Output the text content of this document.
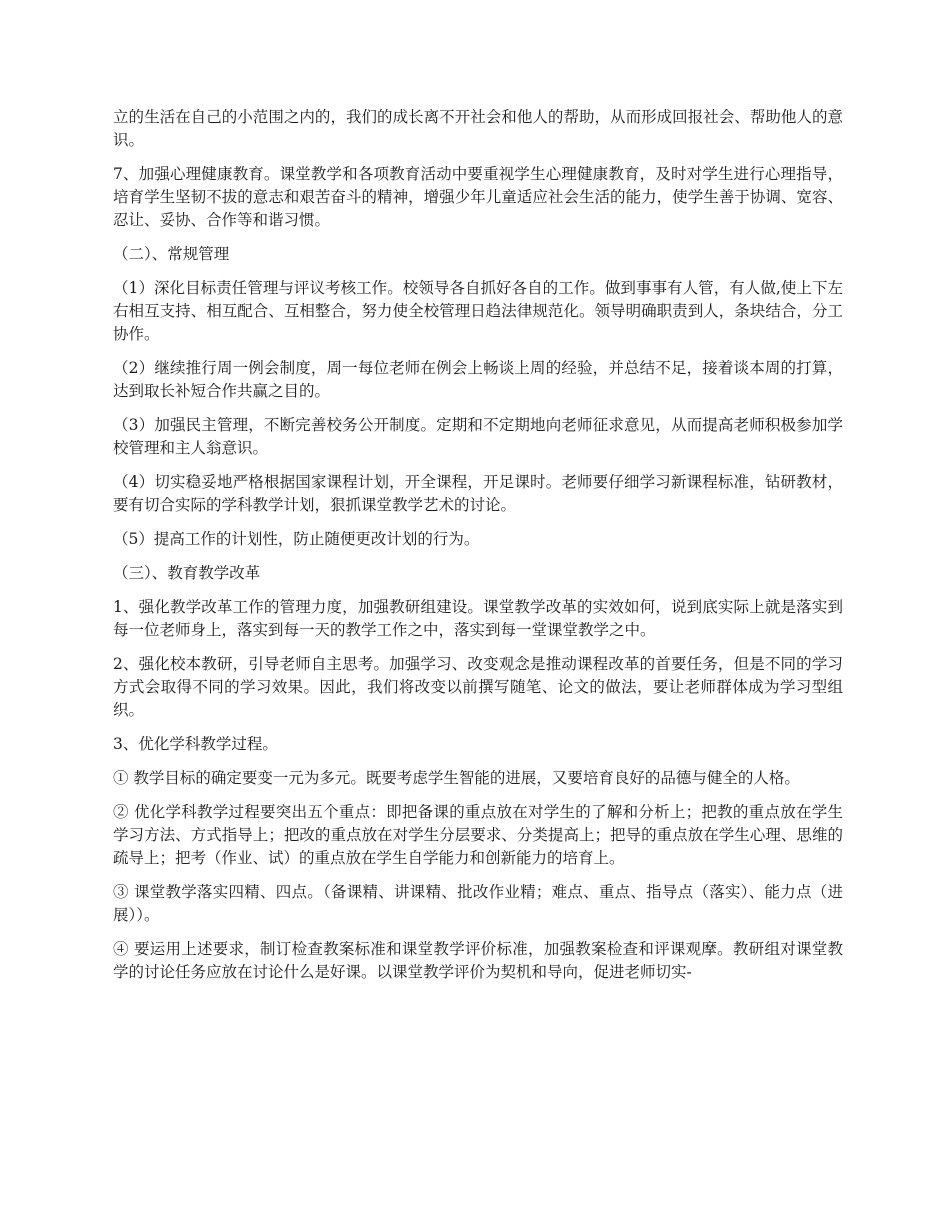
立的生活在自己的小范围之内的，我们的成长离不开社会和他人的帮助，从而形成回报社会、帮助他人的意识。

7、加强心理健康教育。课堂教学和各项教育活动中要重视学生心理健康教育，及时对学生进行心理指导，培育学生坚韧不拔的意志和艰苦奋斗的精神，增强少年儿童适应社会生活的能力，使学生善于协调、宽容、忍让、妥协、合作等和谐习惯。

（二）、常规管理

（1）深化目标责任管理与评议考核工作。校领导各自抓好各自的工作。做到事事有人管，有人做,使上下左右相互支持、相互配合、互相整合，努力使全校管理日趋法律规范化。领导明确职责到人，条块结合，分工协作。

（2）继续推行周一例会制度，周一每位老师在例会上畅谈上周的经验，并总结不足，接着谈本周的打算，达到取长补短合作共赢之目的。

（3）加强民主管理，不断完善校务公开制度。定期和不定期地向老师征求意见，从而提高老师积极参加学校管理和主人翁意识。

（4）切实稳妥地严格根据国家课程计划，开全课程，开足课时。老师要仔细学习新课程标准，钻研教材，要有切合实际的学科教学计划，狠抓课堂教学艺术的讨论。

（5）提高工作的计划性，防止随便更改计划的行为。

（三）、教育教学改革

1、强化教学改革工作的管理力度，加强教研组建设。课堂教学改革的实效如何，说到底实际上就是落实到每一位老师身上，落实到每一天的教学工作之中，落实到每一堂课堂教学之中。

2、强化校本教研，引导老师自主思考。加强学习、改变观念是推动课程改革的首要任务，但是不同的学习方式会取得不同的学习效果。因此，我们将改变以前撰写随笔、论文的做法，要让老师群体成为学习型组织。

3、优化学科教学过程。

① 教学目标的确定要变一元为多元。既要考虑学生智能的进展，又要培育良好的品德与健全的人格。

② 优化学科教学过程要突出五个重点：即把备课的重点放在对学生的了解和分析上；把教的重点放在学生学习方法、方式指导上；把改的重点放在对学生分层要求、分类提高上；把导的重点放在学生心理、思维的疏导上；把考（作业、试）的重点放在学生自学能力和创新能力的培育上。

③ 课堂教学落实四精、四点。（备课精、讲课精、批改作业精；难点、重点、指导点（落实）、能力点（进展））。

④ 要运用上述要求，制订检查教案标准和课堂教学评价标准，加强教案检查和评课观摩。教研组对课堂教学的讨论任务应放在讨论什么是好课。以课堂教学评价为契机和导向，促进老师切实-
